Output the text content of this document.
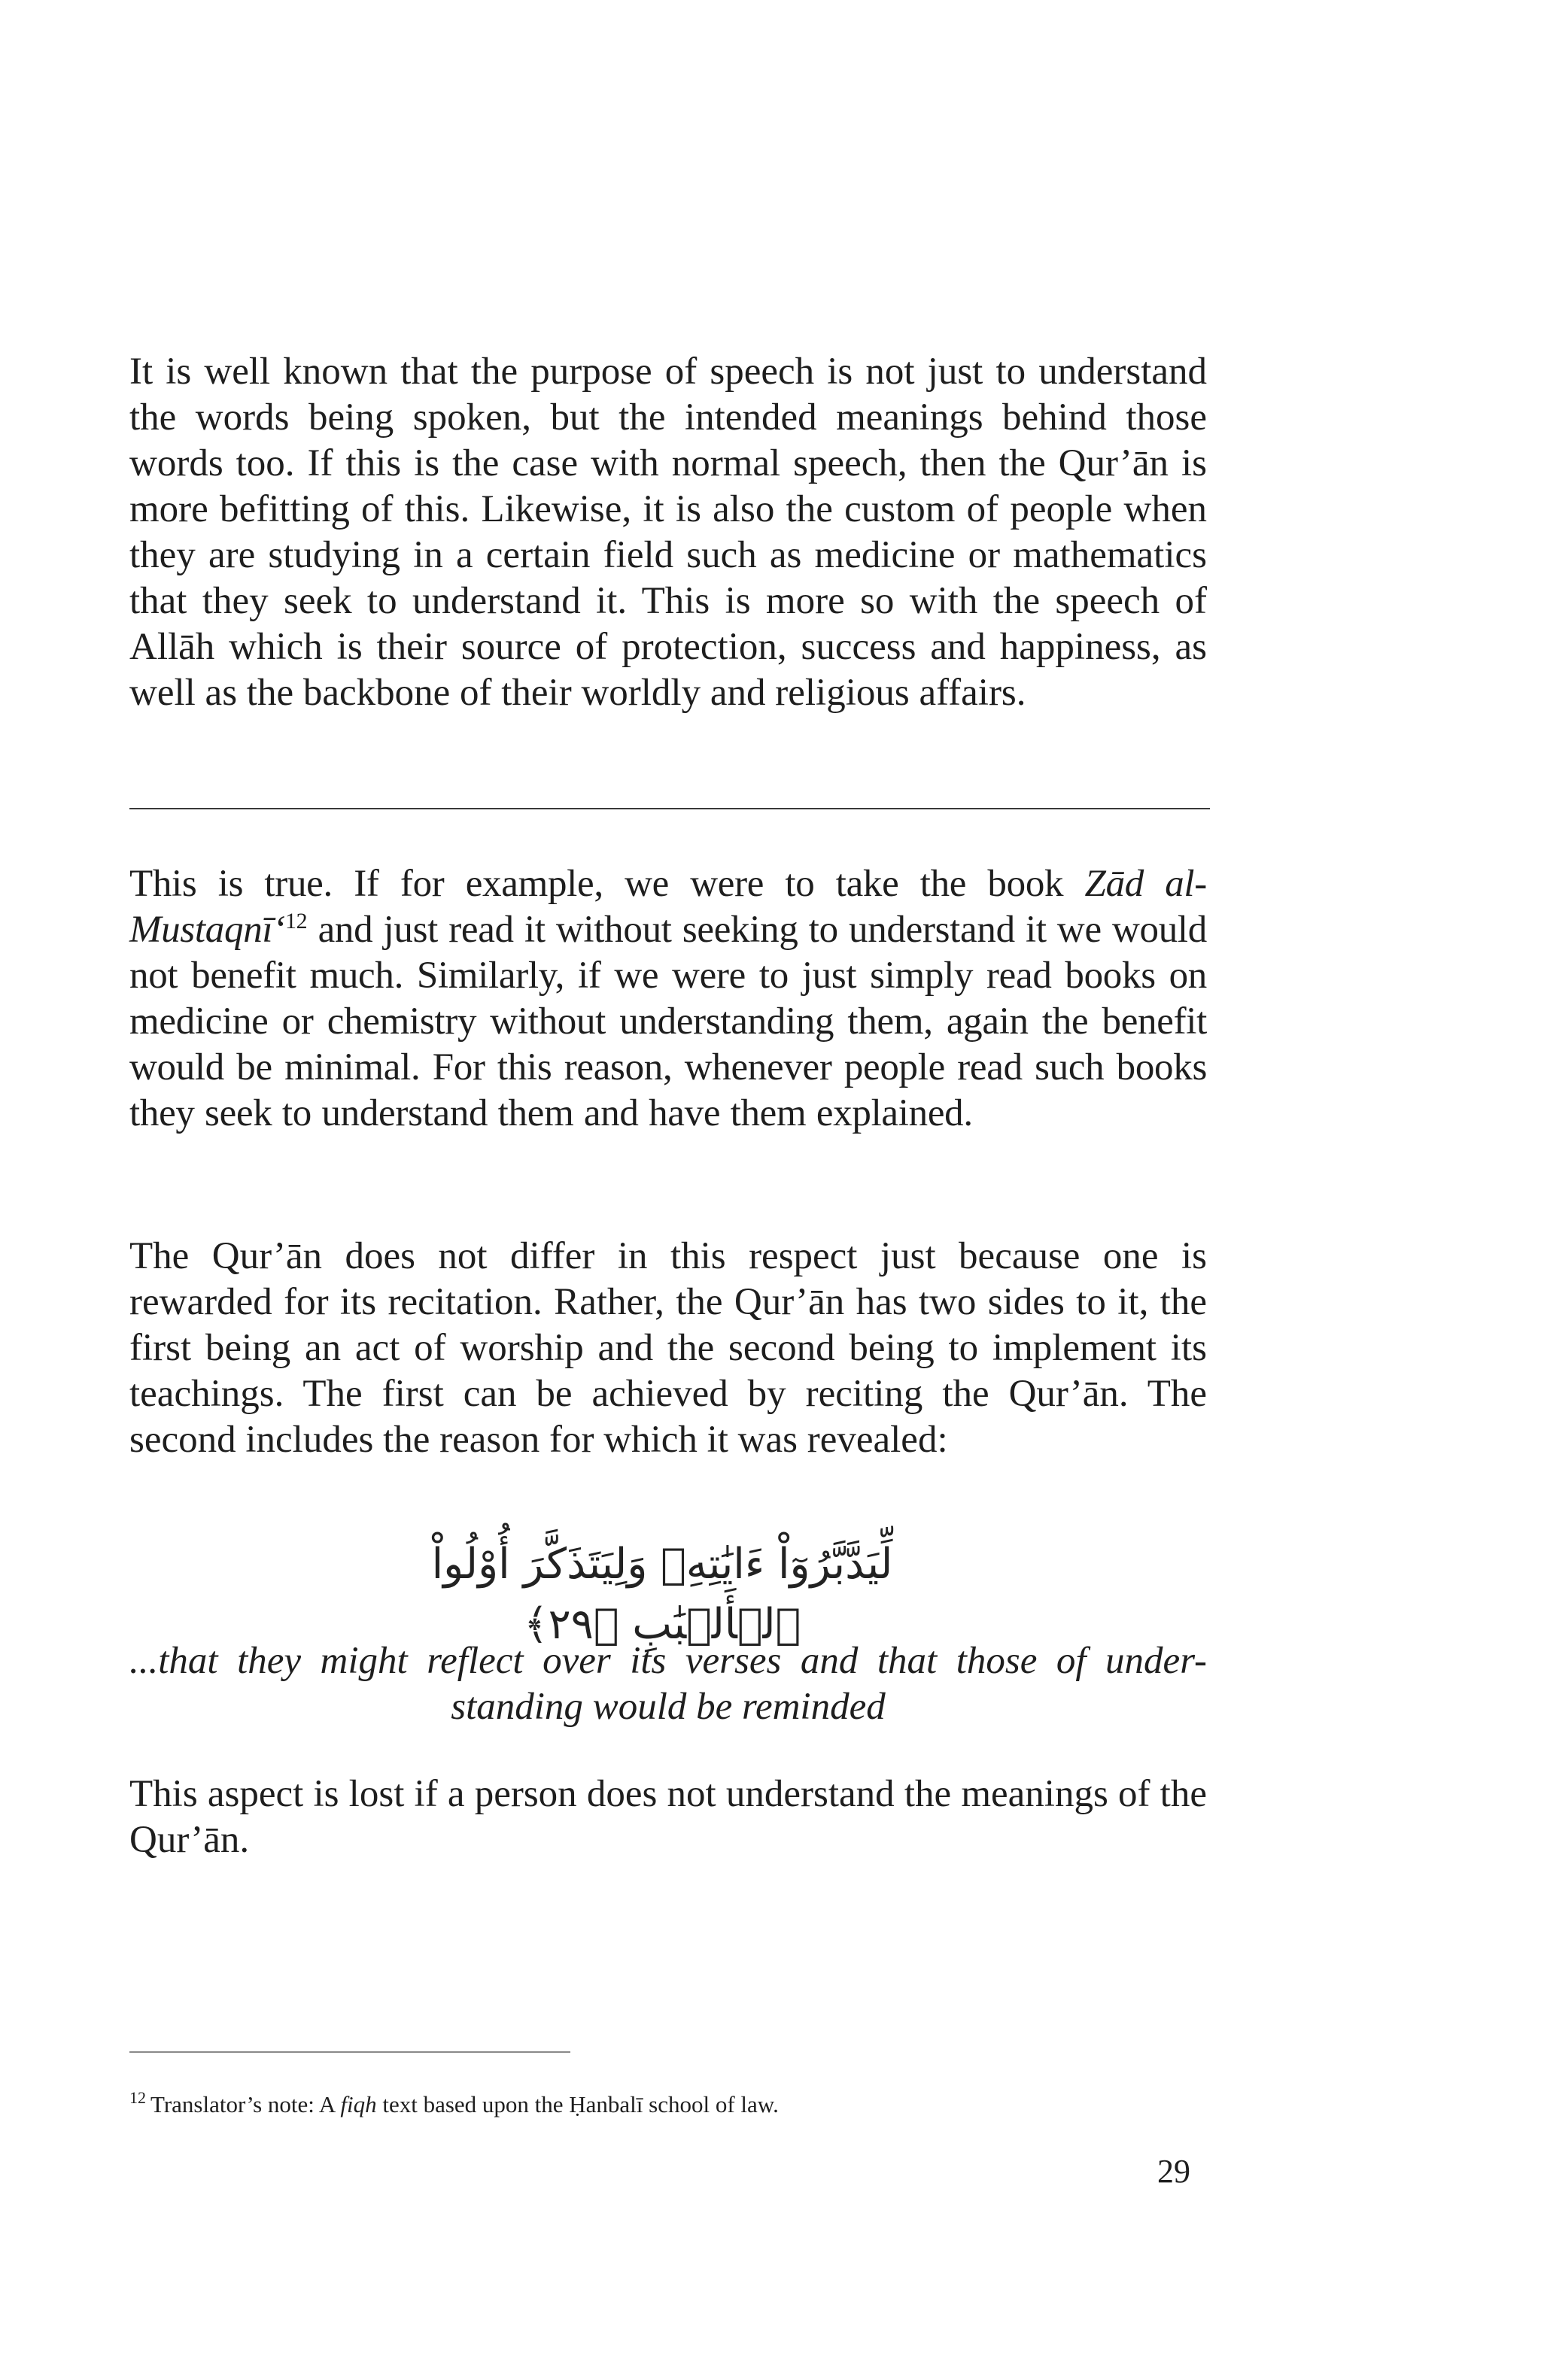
It is well known that the purpose of speech is not just to understand the words being spoken, but the intended meanings behind those words too. If this is the case with normal speech, then the Qur’ān is more befitting of this. Likewise, it is also the custom of people when they are studying in a certain field such as medicine or mathematics that they seek to understand it. This is more so with the speech of Allāh which is their source of protection, success and happiness, as well as the backbone of their worldly and religious affairs.

This is true. If for example, we were to take the book Zād al-Mustaqnī‘$^{12}$ and just read it without seeking to understand it we would not benefit much. Similarly, if we were to just simply read books on medicine or chemistry without understanding them, again the benefit would be minimal. For this reason, whenever people read such books they seek to understand them and have them explained.

The Qur’ān does not differ in this respect just because one is rewarded for its recitation. Rather, the Qur’ān has two sides to it, the first being an act of worship and the second being to implement its teachings. The first can be achieved by reciting the Qur’ān. The second includes the reason for which it was revealed:

لِّيَدَّبَّرُوٓاْ ءَايَٰتِهِۦ وَلِيَتَذَكَّرَ أُوْلُواْ ٱلۡأَلۡبَٰبِ ﴿٢٩﴾

...that they might reflect over its verses and that those of under-
standing would be reminded

This aspect is lost if a person does not understand the meanings of the Qur’ān.

$^{12}$ Translator’s note: A fiqh text based upon the Ḥanbalī school of law.

29
